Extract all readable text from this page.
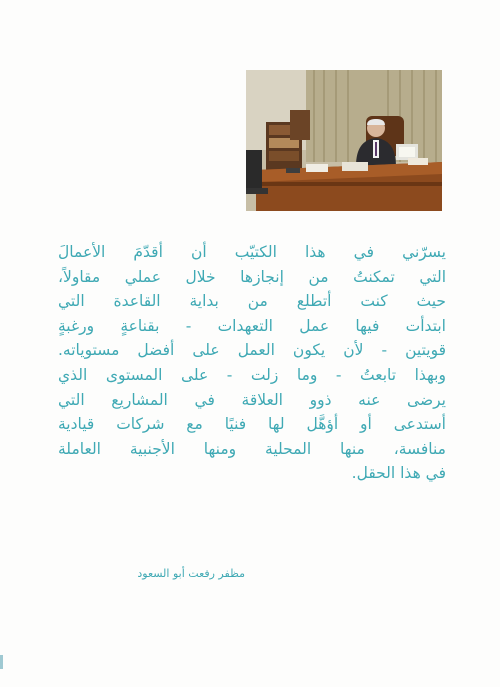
يسرّني في هذا الكتيّب أن أقدّمَ الأعمالَ
التي تمكنتُ من إنجازها خلال عملي مقاولاً،
حيث كنت أتطلع من بداية القاعدة التي
ابتدأت فيها عمل التعهدات - بقناعةٍ ورغبةٍ
قويتين - لأن يكون العمل على أفضل مستوياته.
وبهذا تابعتُ - وما زلت - على المستوى الذي
يرضى عنه ذوو العلاقة في المشاريع التي
أستدعى أو أؤهَّل لها فنيًا مع شركات قيادية
منافسة، منها المحلية ومنها الأجنبية العاملة
في هذا الحقل.
مظفر رفعت أبو السعود
